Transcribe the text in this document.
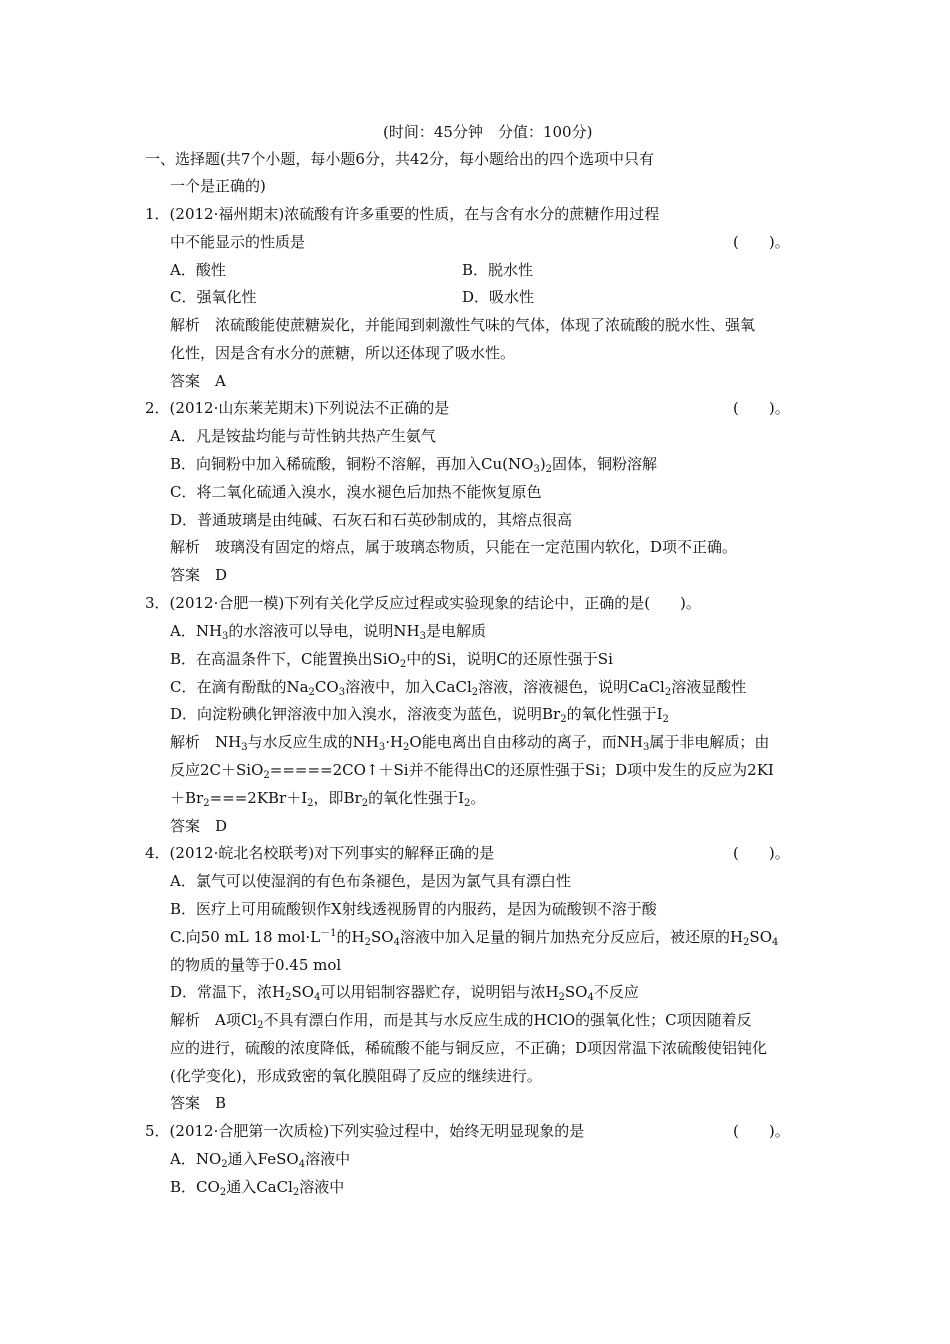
(时间：45分钟　分值：100分)
一、选择题(共7个小题，每小题6分，共42分，每小题给出的四个选项中只有
一个是正确的)
1．(2012·福州期末)浓硫酸有许多重要的性质，在与含有水分的蔗糖作用过程
中不能显示的性质是	(　　)。
A．酸性	B．脱水性
C．强氧化性	D．吸水性
解析　浓硫酸能使蔗糖炭化，并能闻到刺激性气味的气体，体现了浓硫酸的脱水性、强氧
化性，因是含有水分的蔗糖，所以还体现了吸水性。
答案　A
2．(2012·山东莱芜期末)下列说法不正确的是	(　　)。
A．凡是铵盐均能与苛性钠共热产生氨气
B．向铜粉中加入稀硫酸，铜粉不溶解，再加入$Cu(NO_3)_2$固体，铜粉溶解
C．将二氧化硫通入溴水，溴水褪色后加热不能恢复原色
D．普通玻璃是由纯碱、石灰石和石英砂制成的，其熔点很高
解析　玻璃没有固定的熔点，属于玻璃态物质，只能在一定范围内软化，D项不正确。
答案　D
3．(2012·合肥一模)下列有关化学反应过程或实验现象的结论中，正确的是(　　)。
A．$NH_3$的水溶液可以导电，说明$NH_3$是电解质
B．在高温条件下，C能置换出SiO$_2$中的Si，说明C的还原性强于Si
C．在滴有酚酞的$Na_2CO_3$溶液中，加入CaCl$_2$溶液，溶液褪色，说明CaCl$_2$溶液显酸性
D．向淀粉碘化钾溶液中加入溴水，溶液变为蓝色，说明$Br_2$的氧化性强于$I_2$
解析　$NH_3$与水反应生成的$NH_3\cdot H_2O$能电离出自由移动的离子，而$NH_3$属于非电解质；由
反应2C＋SiO$_2$=====2CO↑＋Si并不能得出C的还原性强于Si；D项中发生的反应为2KI
$+Br_2===2KBr+I_2$，即$Br_2$的氧化性强于$I_2$。
答案　D
4．(2012·皖北名校联考)对下列事实的解释正确的是	(　　)。
A．氯气可以使湿润的有色布条褪色，是因为氯气具有漂白性
B．医疗上可用硫酸钡作X射线透视肠胃的内服药，是因为硫酸钡不溶于酸
C.向50 mL 18 $mol\cdot L^{-1}$的$H_2SO_4$溶液中加入足量的铜片加热充分反应后，被还原的$H_2SO_4$
的物质的量等于0.45 mol
D．常温下，浓$H_2SO_4$可以用铝制容器贮存，说明铝与浓$H_2SO_4$不反应
解析　A项$Cl_2$不具有漂白作用，而是其与水反应生成的HClO的强氧化性；C项因随着反
应的进行，硫酸的浓度降低，稀硫酸不能与铜反应，不正确；D项因常温下浓硫酸使铝钝化
(化学变化)，形成致密的氧化膜阻碍了反应的继续进行。
答案　B
5．(2012·合肥第一次质检)下列实验过程中，始终无明显现象的是	(　　)。
A．$NO_2$通入FeSO$_4$溶液中
B．$CO_2$通入CaCl$_2$溶液中
